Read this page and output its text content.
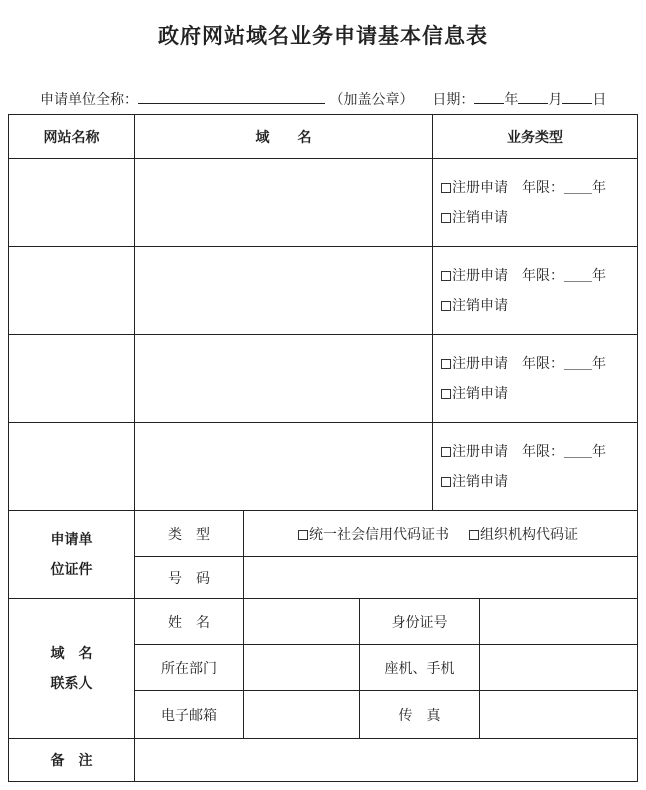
政府网站域名业务申请基本信息表
申请单位全称：	（加盖公章） 日期： 年 月 日
网站名称	域　　名			业务类型	

				注册申请 年限：＿＿年
注销申请	

				注册申请 年限：＿＿年
注销申请	

				注册申请 年限：＿＿年
注销申请	

				注册申请 年限：＿＿年
注销申请	

申请单
位证件	类　型	统一社会信用代码证书 组织机构代码证			
	号　码				

域　名
联系人	姓　名		身份证号		
	所在部门		座机、手机		
	电子邮箱		传　真		
备　注					
